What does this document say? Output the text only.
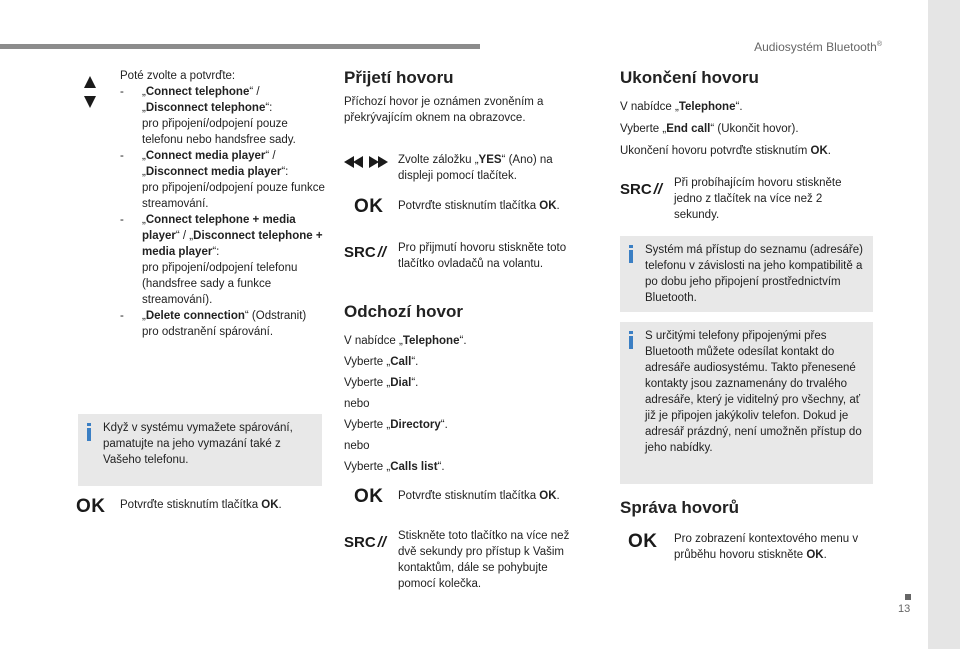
Audiosystém Bluetooth®
13
Poté zvolte a potvrďte:
-	„Connect telephone“ / „Disconnect telephone“:
pro připojení/odpojení pouze telefonu nebo handsfree sady.
-	„Connect media player“ / „Disconnect media player“:
pro připojení/odpojení pouze funkce streamování.
-	„Connect telephone + media player“ / „Disconnect telephone + media player“:
pro připojení/odpojení telefonu (handsfree sady a funkce streamování).
-	„Delete connection“ (Odstranit)
pro odstranění spárování.
Když v systému vymažete spárování, pamatujte na jeho vymazání také z Vašeho telefonu.
OK	Potvrďte stisknutím tlačítka OK.
Přijetí hovoru
Příchozí hovor je oznámen zvoněním a překrývajícím oknem na obrazovce.
Zvolte záložku „YES“ (Ano) na displeji pomocí tlačítek.
OK	Potvrďte stisknutím tlačítka OK.
SRC //	Pro přijmutí hovoru stiskněte toto tlačítko ovladačů na volantu.
Odchozí hovor
V nabídce „Telephone“.
Vyberte „Call“.
Vyberte „Dial“.
nebo
Vyberte „Directory“.
nebo
Vyberte „Calls list“.
OK	Potvrďte stisknutím tlačítka OK.
SRC //	Stiskněte toto tlačítko na více než dvě sekundy pro přístup k Vašim kontaktům, dále se pohybujte pomocí kolečka.
Ukončení hovoru
V nabídce „Telephone“.
Vyberte „End call“ (Ukončit hovor).
Ukončení hovoru potvrďte stisknutím OK.
SRC //	Při probíhajícím hovoru stiskněte jedno z tlačítek na více než 2 sekundy.
Systém má přístup do seznamu (adresáře) telefonu v závislosti na jeho kompatibilitě a po dobu jeho připojení prostřednictvím Bluetooth.
S určitými telefony připojenými přes Bluetooth můžete odesílat kontakt do adresáře audiosystému. Takto přenesené kontakty jsou zaznamenány do trvalého adresáře, který je viditelný pro všechny, ať již je připojen jakýkoliv telefon. Dokud je adresář prázdný, není umožněn přístup do jeho nabídky.
Správa hovorů
OK	Pro zobrazení kontextového menu v průběhu hovoru stiskněte OK.
